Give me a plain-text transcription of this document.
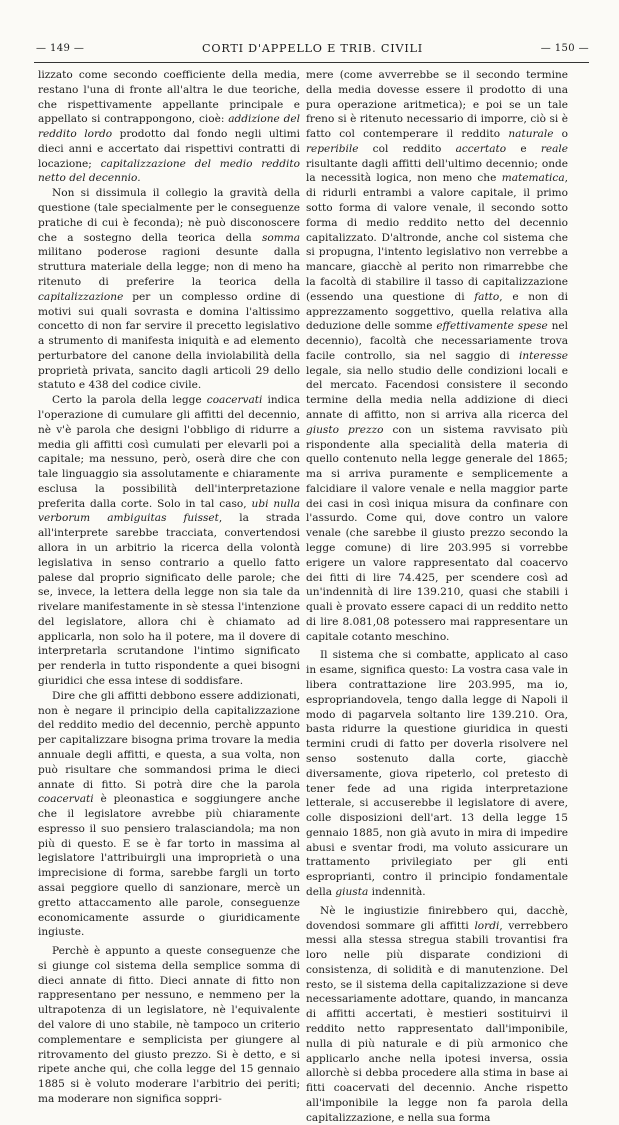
— 149 —	CORTI D'APPELLO E TRIB. CIVILI	— 150 —

lizzato come secondo coefficiente della media, restano l'una di fronte all'altra le due teoriche, che rispettivamente appellante principale e appellato si contrappongono, cioè: addizione del reddito lordo prodotto dal fondo negli ultimi dieci anni e accertato dai rispettivi contratti di locazione; capitalizzazione del medio reddito netto del decennio.

Non si dissimula il collegio la gravità della questione (tale specialmente per le conseguenze pratiche di cui è feconda); nè può disconoscere che a sostegno della teorica della somma militano poderose ragioni desunte dalla struttura materiale della legge; non di meno ha ritenuto di preferire la teorica della capitalizzazione per un complesso ordine di motivi sui quali sovrasta e domina l'altissimo concetto di non far servire il precetto legislativo a strumento di manifesta iniquità e ad elemento perturbatore del canone della inviolabilità della proprietà privata, sancito dagli articoli 29 dello statuto e 438 del codice civile.

Certo la parola della legge coacervati indica l'operazione di cumulare gli affitti del decennio, nè v'è parola che designi l'obbligo di ridurre a media gli affitti così cumulati per elevarli poi a capitale; ma nessuno, però, oserà dire che con tale linguaggio sia assolutamente e chiaramente esclusa la possibilità dell'interpretazione preferita dalla corte. Solo in tal caso, ubi nulla verborum ambiguitas fuisset, la strada all'interprete sarebbe tracciata, convertendosi allora in un arbitrio la ricerca della volontà legislativa in senso contrario a quello fatto palese dal proprio significato delle parole; che se, invece, la lettera della legge non sia tale da rivelare manifestamente in sè stessa l'intenzione del legislatore, allora chi è chiamato ad applicarla, non solo ha il potere, ma il dovere di interpretarla scrutandone l'intimo significato per renderla in tutto rispondente a quei bisogni giuridici che essa intese di soddisfare.

Dire che gli affitti debbono essere addizionati, non è negare il principio della capitalizzazione del reddito medio del decennio, perchè appunto per capitalizzare bisogna prima trovare la media annuale degli affitti, e questa, a sua volta, non può risultare che sommandosi prima le dieci annate di fitto. Si potrà dire che la parola coacervati è pleonastica e soggiungere anche che il legislatore avrebbe più chiaramente espresso il suo pensiero tralasciandola; ma non più di questo. E se è far torto in massima al legislatore l'attribuirgli una improprietà o una imprecisione di forma, sarebbe fargli un torto assai peggiore quello di sanzionare, mercè un gretto attaccamento alle parole, conseguenze economicamente assurde o giuridicamente ingiuste.

Perchè è appunto a queste conseguenze che si giunge col sistema della semplice somma di dieci annate di fitto. Dieci annate di fitto non rappresentano per nessuno, e nemmeno per la ultrapotenza di un legislatore, nè l'equivalente del valore di uno stabile, nè tampoco un criterio complementare e semplicista per giungere al ritrovamento del giusto prezzo. Si è detto, e si ripete anche qui, che colla legge del 15 gennaio 1885 si è voluto moderare l'arbitrio dei periti; ma moderare non significa soppri-

mere (come avverrebbe se il secondo termine della media dovesse essere il prodotto di una pura operazione aritmetica); e poi se un tale freno si è ritenuto necessario di imporre, ciò si è fatto col contemperare il reddito naturale o reperibile col reddito accertato e reale risultante dagli affitti dell'ultimo decennio; onde la necessità logica, non meno che matematica, di ridurli entrambi a valore capitale, il primo sotto forma di valore venale, il secondo sotto forma di medio reddito netto del decennio capitalizzato. D'altronde, anche col sistema che si propugna, l'intento legislativo non verrebbe a mancare, giacchè al perito non rimarrebbe che la facoltà di stabilire il tasso di capitalizzazione (essendo una questione di fatto, e non di apprezzamento soggettivo, quella relativa alla deduzione delle somme effettivamente spese nel decennio), facoltà che necessariamente trova facile controllo, sia nel saggio di interesse legale, sia nello studio delle condizioni locali e del mercato. Facendosi consistere il secondo termine della media nella addizione di dieci annate di affitto, non si arriva alla ricerca del giusto prezzo con un sistema ravvisato più rispondente alla specialità della materia di quello contenuto nella legge generale del 1865; ma si arriva puramente e semplicemente a falcidiare il valore venale e nella maggior parte dei casi in così iniqua misura da confinare con l'assurdo. Come qui, dove contro un valore venale (che sarebbe il giusto prezzo secondo la legge comune) di lire 203.995 si vorrebbe erigere un valore rappresentato dal coacervo dei fitti di lire 74.425, per scendere così ad un'indennità di lire 139.210, quasi che stabili i quali è provato essere capaci di un reddito netto di lire 8.081,08 potessero mai rappresentare un capitale cotanto meschino.

Il sistema che si combatte, applicato al caso in esame, significa questo: La vostra casa vale in libera contrattazione lire 203.995, ma io, espropriandovela, tengo dalla legge di Napoli il modo di pagarvela soltanto lire 139.210. Ora, basta ridurre la questione giuridica in questi termini crudi di fatto per doverla risolvere nel senso sostenuto dalla corte, giacchè diversamente, giova ripeterlo, col pretesto di tener fede ad una rigida interpretazione letterale, si accuserebbe il legislatore di avere, colle disposizioni dell'art. 13 della legge 15 gennaio 1885, non già avuto in mira di impedire abusi e sventar frodi, ma voluto assicurare un trattamento privilegiato per gli enti esproprianti, contro il principio fondamentale della giusta indennità.

Nè le ingiustizie finirebbero qui, dacchè, dovendosi sommare gli affitti lordi, verrebbero messi alla stessa stregua stabili trovantisi fra loro nelle più disparate condizioni di consistenza, di solidità e di manutenzione. Del resto, se il sistema della capitalizzazione si deve necessariamente adottare, quando, in mancanza di affitti accertati, è mestieri sostituirvi il reddito netto rappresentato dall'imponibile, nulla di più naturale e di più armonico che applicarlo anche nella ipotesi inversa, ossia allorchè si debba procedere alla stima in base ai fitti coacervati del decennio. Anche rispetto all'imponibile la legge non fa parola della capitalizzazione, e nella sua forma
